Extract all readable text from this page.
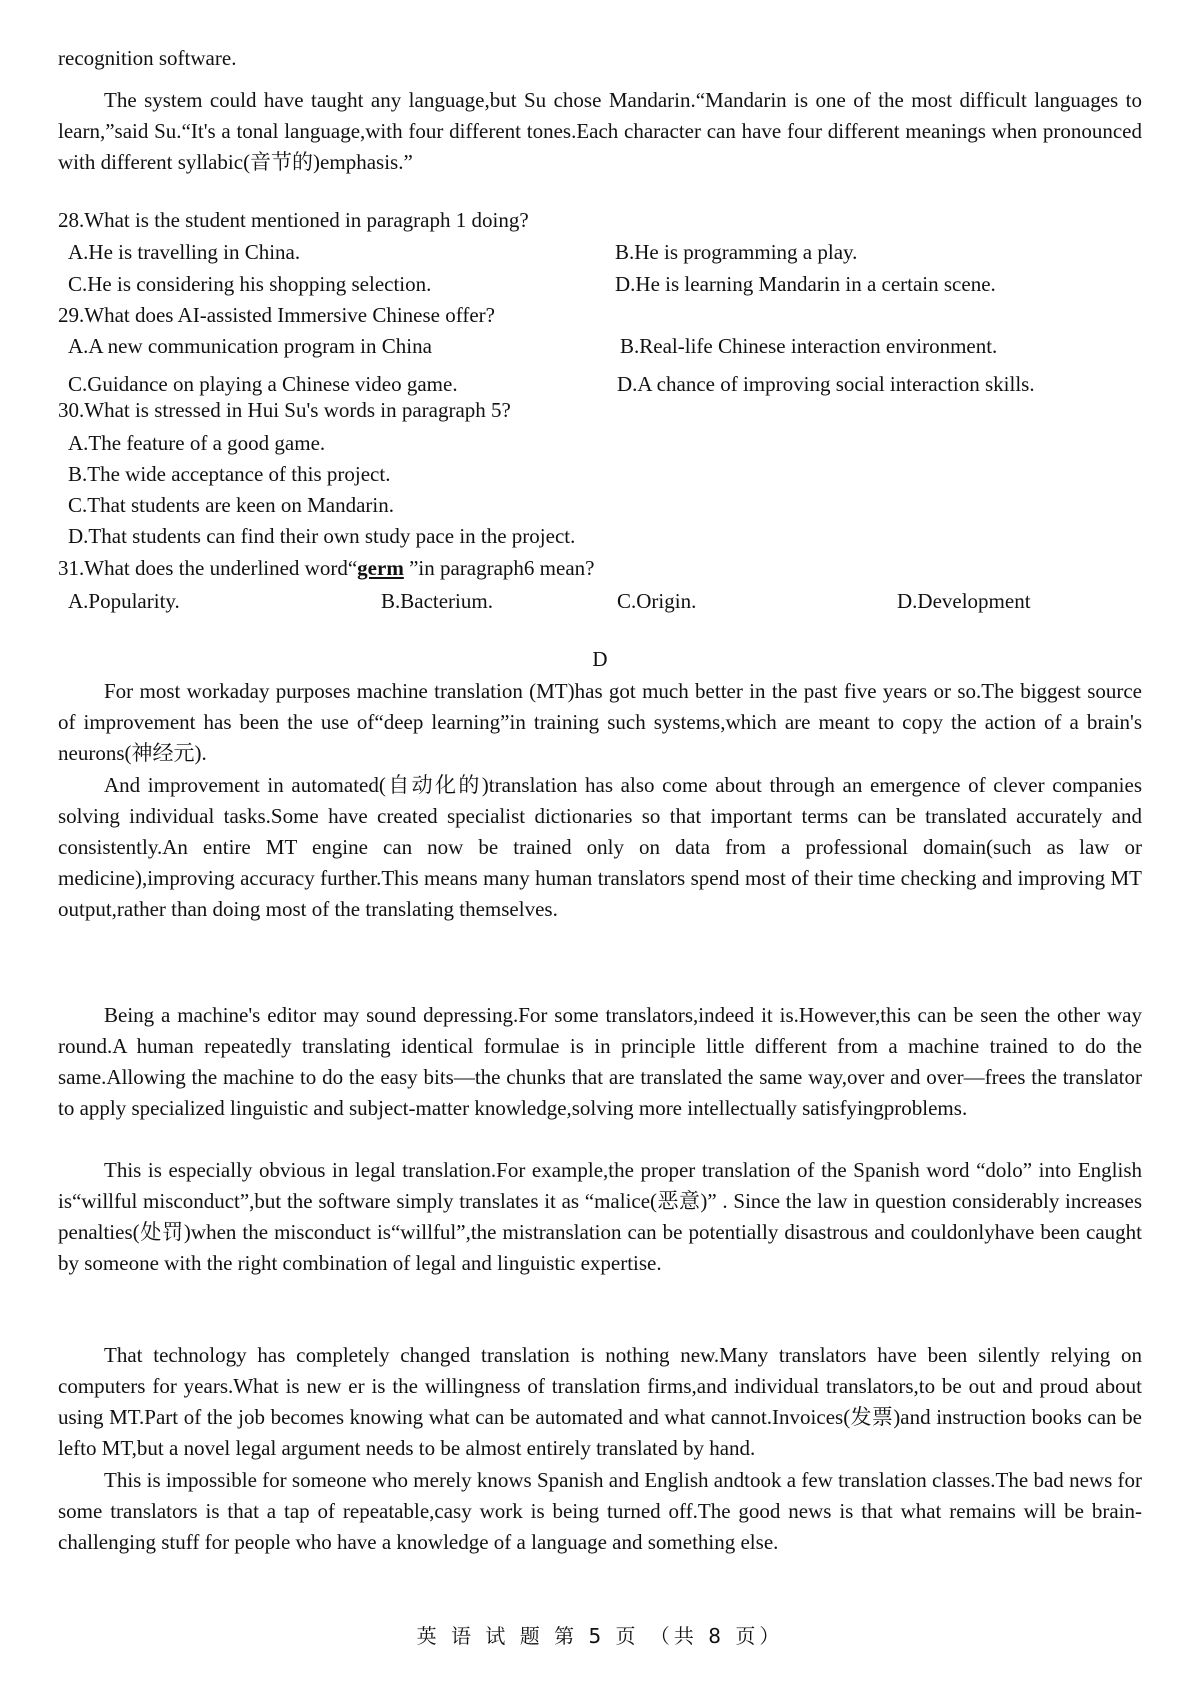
recognition software.
The system could have taught any language,but Su chose Mandarin.“Mandarin is one of the most difficult languages to learn,”said Su.“It's a tonal language,with four different tones.Each character can have four different meanings when pronounced with different syllabic(音节的)emphasis.”
28.What is the student mentioned in paragraph 1 doing?
A.He is travelling in China.	B.He is programming a play.
C.He is considering his shopping selection.	D.He is learning Mandarin in a certain scene.
29.What does AI-assisted Immersive Chinese offer?
A.A new communication program in China	B.Real-life Chinese interaction environment.
C.Guidance on playing a Chinese video game.	D.A chance of improving social interaction skills.
30.What is stressed in Hui Su's words in paragraph 5?
A.The feature of a good game.
B.The wide acceptance of this project.
C.That students are keen on Mandarin.
D.That students can find their own study pace in the project.
31.What does the underlined word“germ ”in paragraph6 mean?
A.Popularity.	B.Bacterium.	C.Origin.	D.Development
D
For most workaday purposes machine translation (MT)has got much better in the past five years or so.The biggest source of improvement has been the use of“deep learning”in training such systems,which are meant to copy the action of a brain's neurons(神经元).
And improvement in automated(自动化的)translation has also come about through an emergence of clever companies solving individual tasks.Some have created specialist dictionaries so that important terms can be translated accurately and consistently.An entire MT engine can now be trained only on data from a professional domain(such as law or medicine),improving accuracy further.This means many human translators spend most of their time checking and improving MT output,rather than doing most of the translating themselves.
Being a machine's editor may sound depressing.For some translators,indeed it is.However,this can be seen the other way round.A human repeatedly translating identical formulae is in principle little different from a machine trained to do the same.Allowing the machine to do the easy bits—the chunks that are translated the same way,over and over—frees the translator to apply specialized linguistic and subject-matter knowledge,solving more intellectually satisfyingproblems.
This is especially obvious in legal translation.For example,the proper translation of the Spanish word “dolo” into English is“willful misconduct”,but the software simply translates it as “malice(恶意)” . Since the law in question considerably increases penalties(处罚)when the misconduct is“willful”,the mistranslation can be potentially disastrous and couldonlyhave been caught by someone with the right combination of legal and linguistic expertise.
That technology has completely changed translation is nothing new.Many translators have been silently relying on computers for years.What is new er is the willingness of translation firms,and individual translators,to be out and proud about using MT.Part of the job becomes knowing what can be automated and what cannot.Invoices(发票)and instruction books can be lefto MT,but a novel legal argument needs to be almost entirely translated by hand.
This is impossible for someone who merely knows Spanish and English andtook a few translation classes.The bad news for some translators is that a tap of repeatable,casy work is being turned off.The good news is that what remains will be brain-challenging stuff for people who have a knowledge of a language and something else.
英 语 试 题 第 5 页 （共 8 页）
